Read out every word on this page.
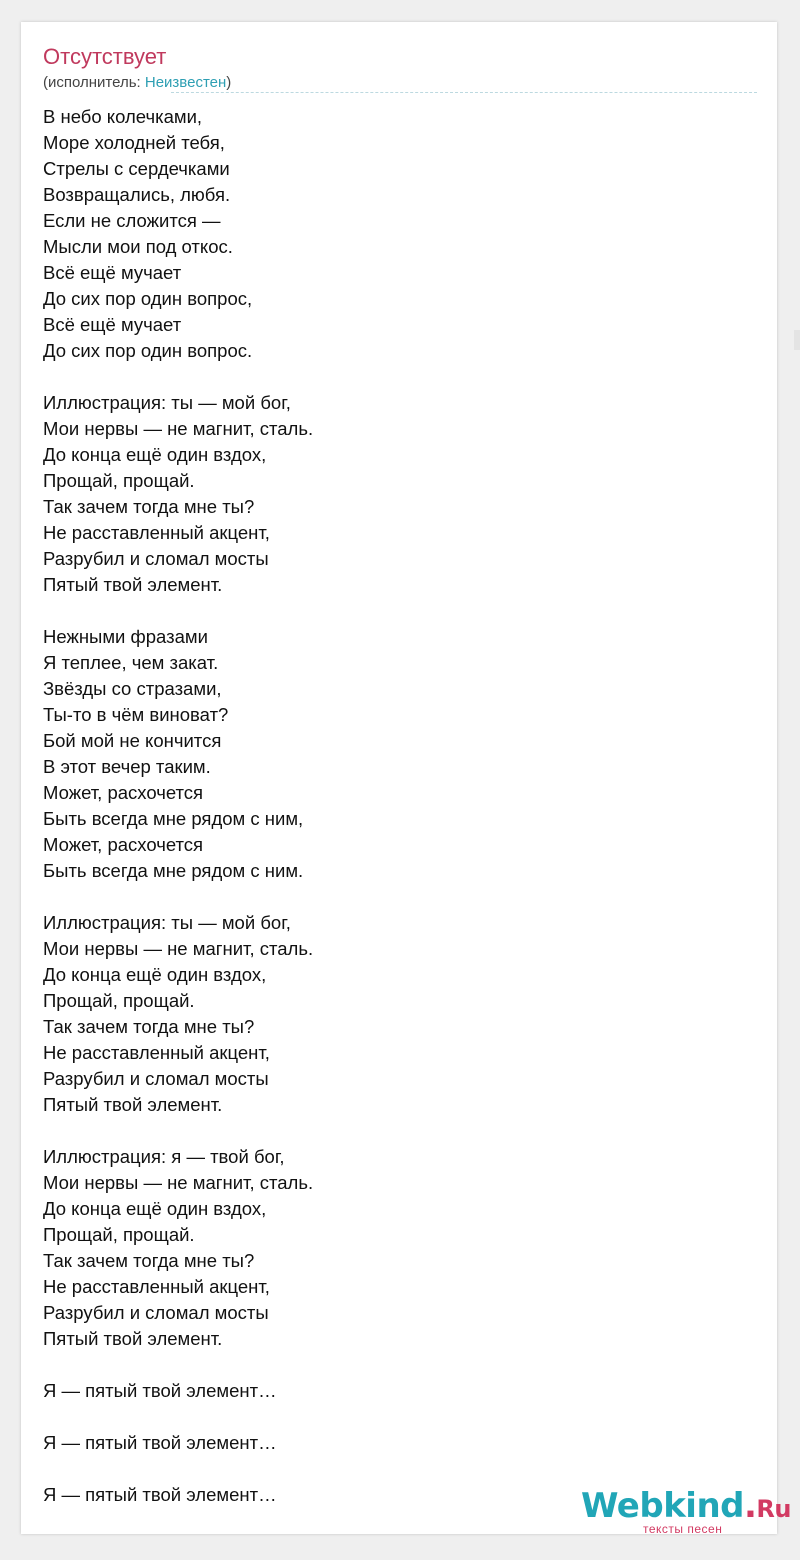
Отсутствует
(исполнитель: Неизвестен)
В небо колечками,
Море холодней тебя,
Стрелы с сердечками
Возвращались, любя.
Если не сложится —
Мысли мои под откос.
Всё ещё мучает
До сих пор один вопрос,
Всё ещё мучает
До сих пор один вопрос.
Иллюстрация: ты — мой бог,
Мои нервы — не магнит, сталь.
До конца ещё один вздох,
Прощай, прощай.
Так зачем тогда мне ты?
Не расставленный акцент,
Разрубил и сломал мосты
Пятый твой элемент.
Нежными фразами
Я теплее, чем закат.
Звёзды со стразами,
Ты-то в чём виноват?
Бой мой не кончится
В этот вечер таким.
Может, расхочется
Быть всегда мне рядом с ним,
Может, расхочется
Быть всегда мне рядом с ним.
Иллюстрация: ты — мой бог,
Мои нервы — не магнит, сталь.
До конца ещё один вздох,
Прощай, прощай.
Так зачем тогда мне ты?
Не расставленный акцент,
Разрубил и сломал мосты
Пятый твой элемент.
Иллюстрация: я — твой бог,
Мои нервы — не магнит, сталь.
До конца ещё один вздох,
Прощай, прощай.
Так зачем тогда мне ты?
Не расставленный акцент,
Разрубил и сломал мосты
Пятый твой элемент.
Я — пятый твой элемент…
Я — пятый твой элемент…
Я — пятый твой элемент…	Webkind.Ru
тексты песен
